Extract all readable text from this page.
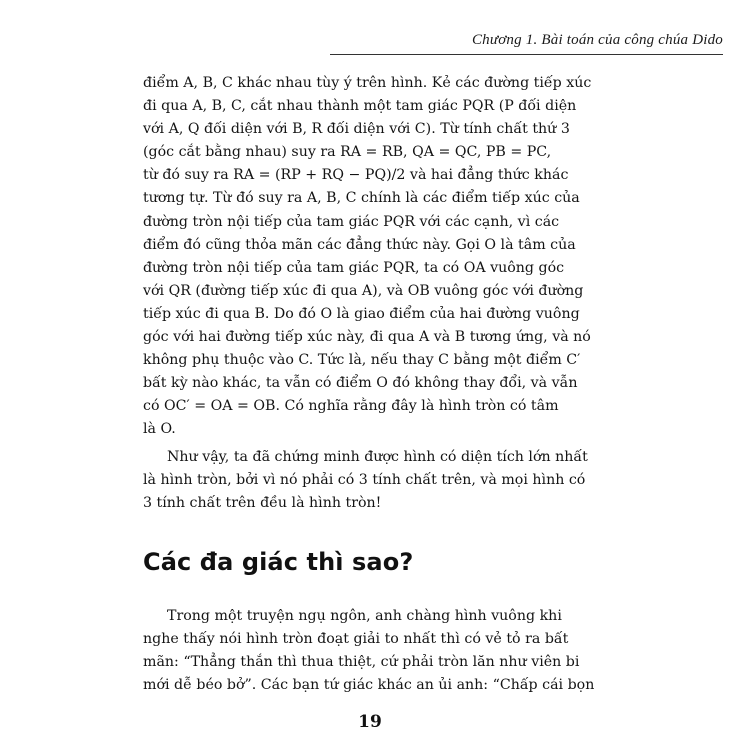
Chương 1. Bài toán của công chúa Dido
điểm A, B, C khác nhau tùy ý trên hình. Kẻ các đường tiếp xúc
đi qua A, B, C, cắt nhau thành một tam giác PQR (P đối diện
với A, Q đối diện với B, R đối diện với C). Từ tính chất thứ 3
(góc cắt bằng nhau) suy ra RA = RB, QA = QC, PB = PC,
từ đó suy ra RA = (RP + RQ − PQ)/2 và hai đẳng thức khác
tương tự. Từ đó suy ra A, B, C chính là các điểm tiếp xúc của
đường tròn nội tiếp của tam giác PQR với các cạnh, vì các
điểm đó cũng thỏa mãn các đẳng thức này. Gọi O là tâm của
đường tròn nội tiếp của tam giác PQR, ta có OA vuông góc
với QR (đường tiếp xúc đi qua A), và OB vuông góc với đường
tiếp xúc đi qua B. Do đó O là giao điểm của hai đường vuông
góc với hai đường tiếp xúc này, đi qua A và B tương ứng, và nó
không phụ thuộc vào C. Tức là, nếu thay C bằng một điểm C′
bất kỳ nào khác, ta vẫn có điểm O đó không thay đổi, và vẫn
có OC′ = OA = OB. Có nghĩa rằng đây là hình tròn có tâm
là O.
Như vậy, ta đã chứng minh được hình có diện tích lớn nhất
là hình tròn, bởi vì nó phải có 3 tính chất trên, và mọi hình có
3 tính chất trên đều là hình tròn!
Các đa giác thì sao?
Trong một truyện ngụ ngôn, anh chàng hình vuông khi
nghe thấy nói hình tròn đoạt giải to nhất thì có vẻ tỏ ra bất
mãn: “Thẳng thắn thì thua thiệt, cứ phải tròn lăn như viên bi
mới dễ béo bở”. Các bạn tứ giác khác an ủi anh: “Chấp cái bọn
19
